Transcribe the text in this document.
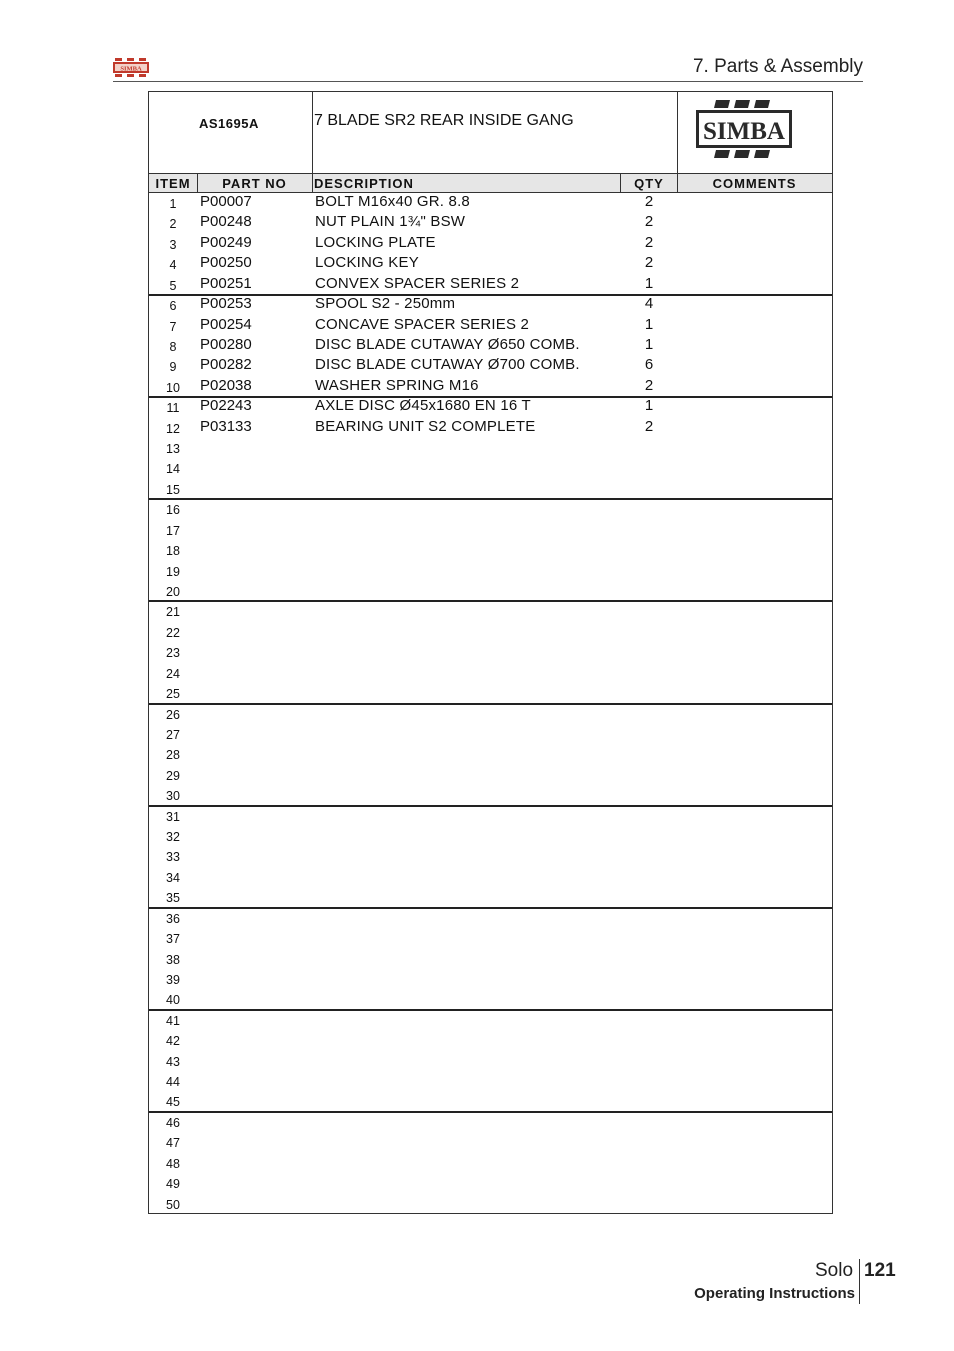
SIMBA	7. Parts & Assembly
AS1695A	7 BLADE SR2 REAR INSIDE GANG	SIMBA
ITEM	PART NO	DESCRIPTION	QTY	COMMENTS
1	P00007	BOLT M16x40 GR. 8.8	2
2	P00248	NUT PLAIN 1¾" BSW	2
3	P00249	LOCKING PLATE	2
4	P00250	LOCKING KEY	2
5	P00251	CONVEX SPACER SERIES 2	1
6	P00253	SPOOL S2 - 250mm	4
7	P00254	CONCAVE SPACER SERIES 2	1
8	P00280	DISC BLADE CUTAWAY Ø650 COMB.	1
9	P00282	DISC BLADE CUTAWAY Ø700 COMB.	6
10	P02038	WASHER SPRING M16	2
11	P02243	AXLE DISC Ø45x1680 EN 16 T	1
12	P03133	BEARING UNIT S2 COMPLETE	2
13
14
15
16
17
18
19
20
21
22
23
24
25
26
27
28
29
30
31
32
33
34
35
36
37
38
39
40
41
42
43
44
45
46
47
48
49
50
Solo 121
Operating Instructions
